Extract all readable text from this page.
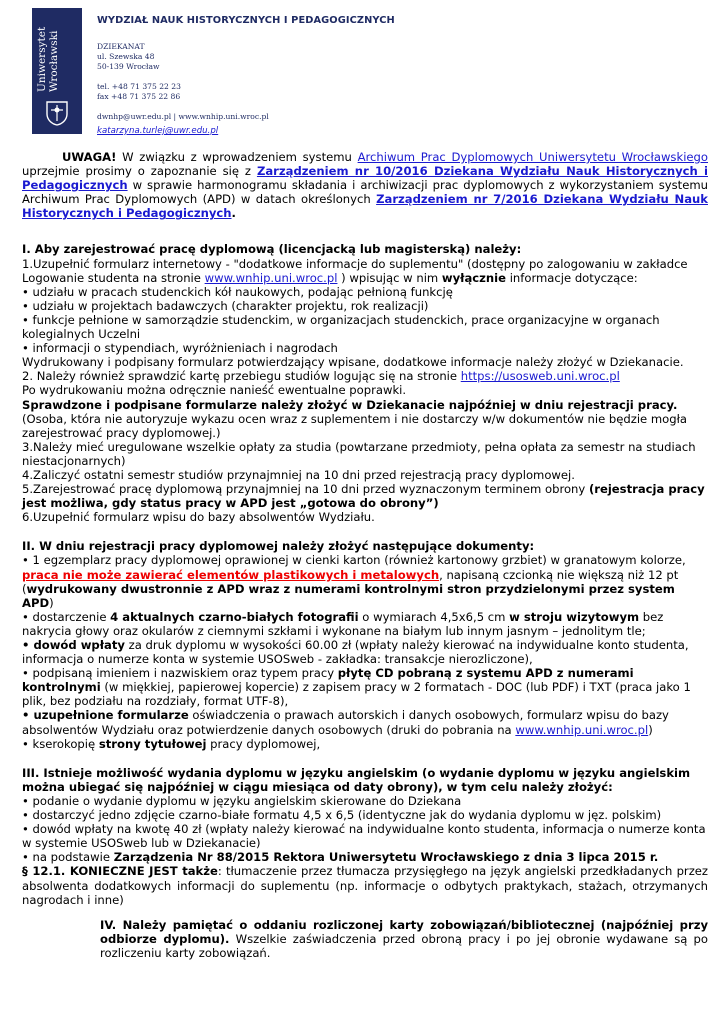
Uniwersytet Wrocławski
WYDZIAŁ NAUK HISTORYCZNYCH I PEDAGOGICZNYCH
DZIEKANAT
ul. Szewska 48
50-139 Wrocław
tel. +48 71 375 22 23
fax +48 71 375 22 86
dwnhp@uwr.edu.pl | www.wnhip.uni.wroc.pl
katarzyna.turlej@uwr.edu.pl

UWAGA! W związku z wprowadzeniem systemu Archiwum Prac Dyplomowych Uniwersytetu Wrocławskiego uprzejmie prosimy o zapoznanie się z Zarządzeniem nr 10/2016 Dziekana Wydziału Nauk Historycznych i Pedagogicznych w sprawie harmonogramu składania i archiwizacji prac dyplomowych z wykorzystaniem systemu Archiwum Prac Dyplomowych (APD) w datach określonych Zarządzeniem nr 7/2016 Dziekana Wydziału Nauk Historycznych i Pedagogicznych.

I. Aby zarejestrować pracę dyplomową (licencjacką lub magisterską) należy:

1.Uzupełnić formularz internetowy - "dodatkowe informacje do suplementu" (dostępny po zalogowaniu w zakładce Logowanie studenta na stronie www.wnhip.uni.wroc.pl ) wpisując w nim wyłącznie informacje dotyczące:

• udziału w pracach studenckich kół naukowych, podając pełnioną funkcję

• udziału w projektach badawczych (charakter projektu, rok realizacji)

• funkcje pełnione w samorządzie studenckim, w organizacjach studenckich, prace organizacyjne w organach kolegialnych Uczelni

• informacji o stypendiach, wyróżnieniach i nagrodach

Wydrukowany i podpisany formularz potwierdzający wpisane, dodatkowe informacje należy złożyć w Dziekanacie.

2. Należy również sprawdzić kartę przebiegu studiów logując się na stronie https://usosweb.uni.wroc.pl

Po wydrukowaniu można odręcznie nanieść ewentualne poprawki.

Sprawdzone i podpisane formularze należy złożyć w Dziekanacie najpóźniej w dniu rejestracji pracy. (Osoba, która nie autoryzuje wykazu ocen wraz z suplementem i nie dostarczy w/w dokumentów nie będzie mogła zarejestrować pracy dyplomowej.)

3.Należy mieć uregulowane wszelkie opłaty za studia (powtarzane przedmioty, pełna opłata za semestr na studiach niestacjonarnych)

4.Zaliczyć ostatni semestr studiów przynajmniej na 10 dni przed rejestracją pracy dyplomowej.

5.Zarejestrować pracę dyplomową przynajmniej na 10 dni przed wyznaczonym terminem obrony (rejestracja pracy jest możliwa, gdy status pracy w APD jest „gotowa do obrony”)

6.Uzupełnić formularz wpisu do bazy absolwentów Wydziału.

II. W dniu rejestracji pracy dyplomowej należy złożyć następujące dokumenty:

• 1 egzemplarz pracy dyplomowej oprawionej w cienki karton (również kartonowy grzbiet) w granatowym kolorze, praca nie może zawierać elementów plastikowych i metalowych, napisaną czcionką nie większą niż 12 pt (wydrukowany dwustronnie z APD wraz z numerami kontrolnymi stron przydzielonymi przez system APD)

• dostarczenie 4 aktualnych czarno-białych fotografii o wymiarach 4,5x6,5 cm w stroju wizytowym bez nakrycia głowy oraz okularów z ciemnymi szkłami i wykonane na białym lub innym jasnym – jednolitym tle;

• dowód wpłaty za druk dyplomu w wysokości 60.00 zł (wpłaty należy kierować na indywidualne konto studenta, informacja o numerze konta w systemie USOSweb - zakładka: transakcje nierozliczone),

• podpisaną imieniem i nazwiskiem oraz typem pracy płytę CD pobraną z systemu APD z numerami kontrolnymi (w miękkiej, papierowej kopercie) z zapisem pracy w 2 formatach - DOC (lub PDF) i TXT (praca jako 1 plik, bez podziału na rozdziały, format UTF-8),

• uzupełnione formularze oświadczenia o prawach autorskich i danych osobowych, formularz wpisu do bazy absolwentów Wydziału oraz potwierdzenie danych osobowych (druki do pobrania na www.wnhip.uni.wroc.pl)

• kserokopię strony tytułowej pracy dyplomowej,

III. Istnieje możliwość wydania dyplomu w języku angielskim (o wydanie dyplomu w języku angielskim można ubiegać się najpóźniej w ciągu miesiąca od daty obrony), w tym celu należy złożyć:

• podanie o wydanie dyplomu w języku angielskim skierowane do Dziekana

• dostarczyć jedno zdjęcie czarno-białe formatu 4,5 x 6,5 (identyczne jak do wydania dyplomu w jęz. polskim)

• dowód wpłaty na kwotę 40 zł (wpłaty należy kierować na indywidualne konto studenta, informacja o numerze konta w systemie USOSweb lub w Dziekanacie)

• na podstawie Zarządzenia Nr 88/2015 Rektora Uniwersytetu Wrocławskiego z dnia 3 lipca 2015 r.

§ 12.1. KONIECZNE JEST także: tłumaczenie przez tłumacza przysięgłego na język angielski przedkładanych przez absolwenta dodatkowych informacji do suplementu (np. informacje o odbytych praktykach, stażach, otrzymanych nagrodach i inne)

IV. Należy pamiętać o oddaniu rozliczonej karty zobowiązań/bibliotecznej (najpóźniej przy odbiorze dyplomu). Wszelkie zaświadczenia przed obroną pracy i po jej obronie wydawane są po rozliczeniu karty zobowiązań.
